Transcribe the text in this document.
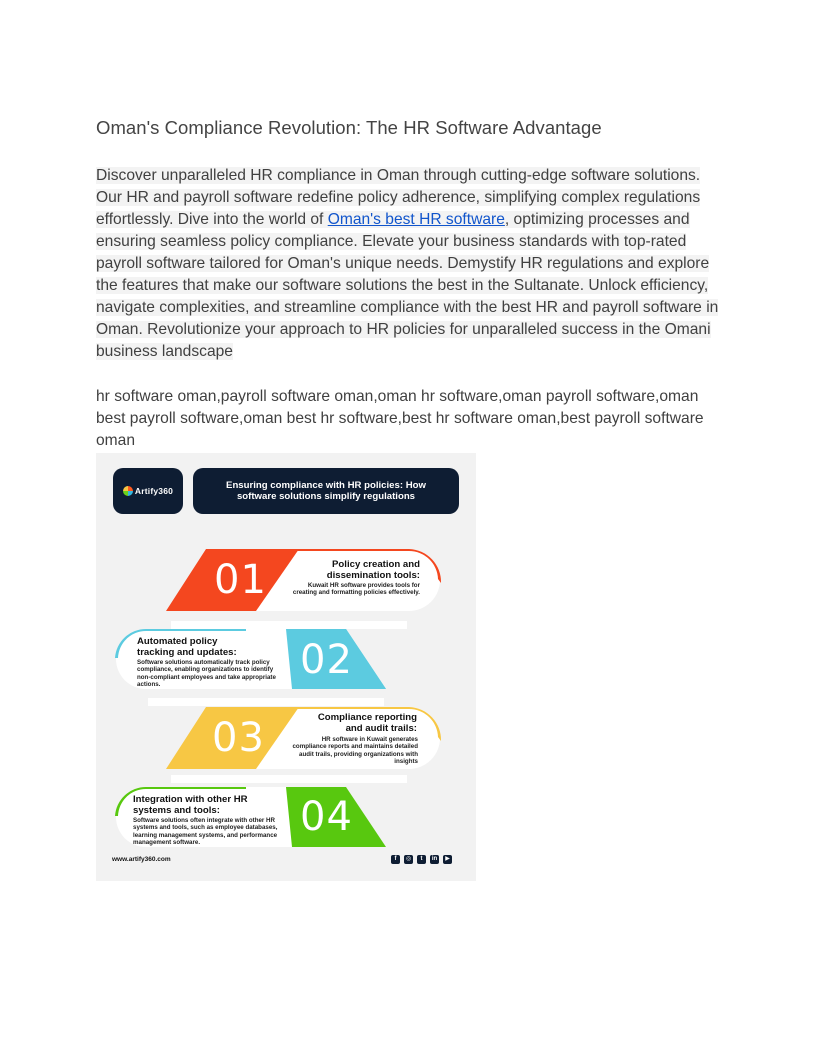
Oman's Compliance Revolution: The HR Software Advantage

Discover unparalleled HR compliance in Oman through cutting-edge software solutions. Our HR and payroll software redefine policy adherence, simplifying complex regulations effortlessly. Dive into the world of Oman's best HR software, optimizing processes and ensuring seamless policy compliance. Elevate your business standards with top-rated payroll software tailored for Oman's unique needs. Demystify HR regulations and explore the features that make our software solutions the best in the Sultanate. Unlock efficiency, navigate complexities, and streamline compliance with the best HR and payroll software in Oman. Revolutionize your approach to HR policies for unparalleled success in the Omani business landscape

hr software oman,payroll software oman,oman hr software,oman payroll software,oman best payroll software,oman best hr software,best hr software oman,best payroll software oman

Artify360	Ensuring compliance with HR policies: How software solutions simplify regulations
01	Policy creation and dissemination tools:
Kuwait HR software provides tools for creating and formatting policies effectively.
02
Automated policy tracking and updates:
Software solutions automatically track policy compliance, enabling organizations to identify non-compliant employees and take appropriate actions.
03	Compliance reporting and audit trails:
HR software in Kuwait generates compliance reports and maintains detailed audit trails, providing organizations with insights
04
Integration with other HR systems and tools:
Software solutions often integrate with other HR systems and tools, such as employee databases, learning management systems, and performance management software.
www.artify360.com	f	◎	t	in	▶
